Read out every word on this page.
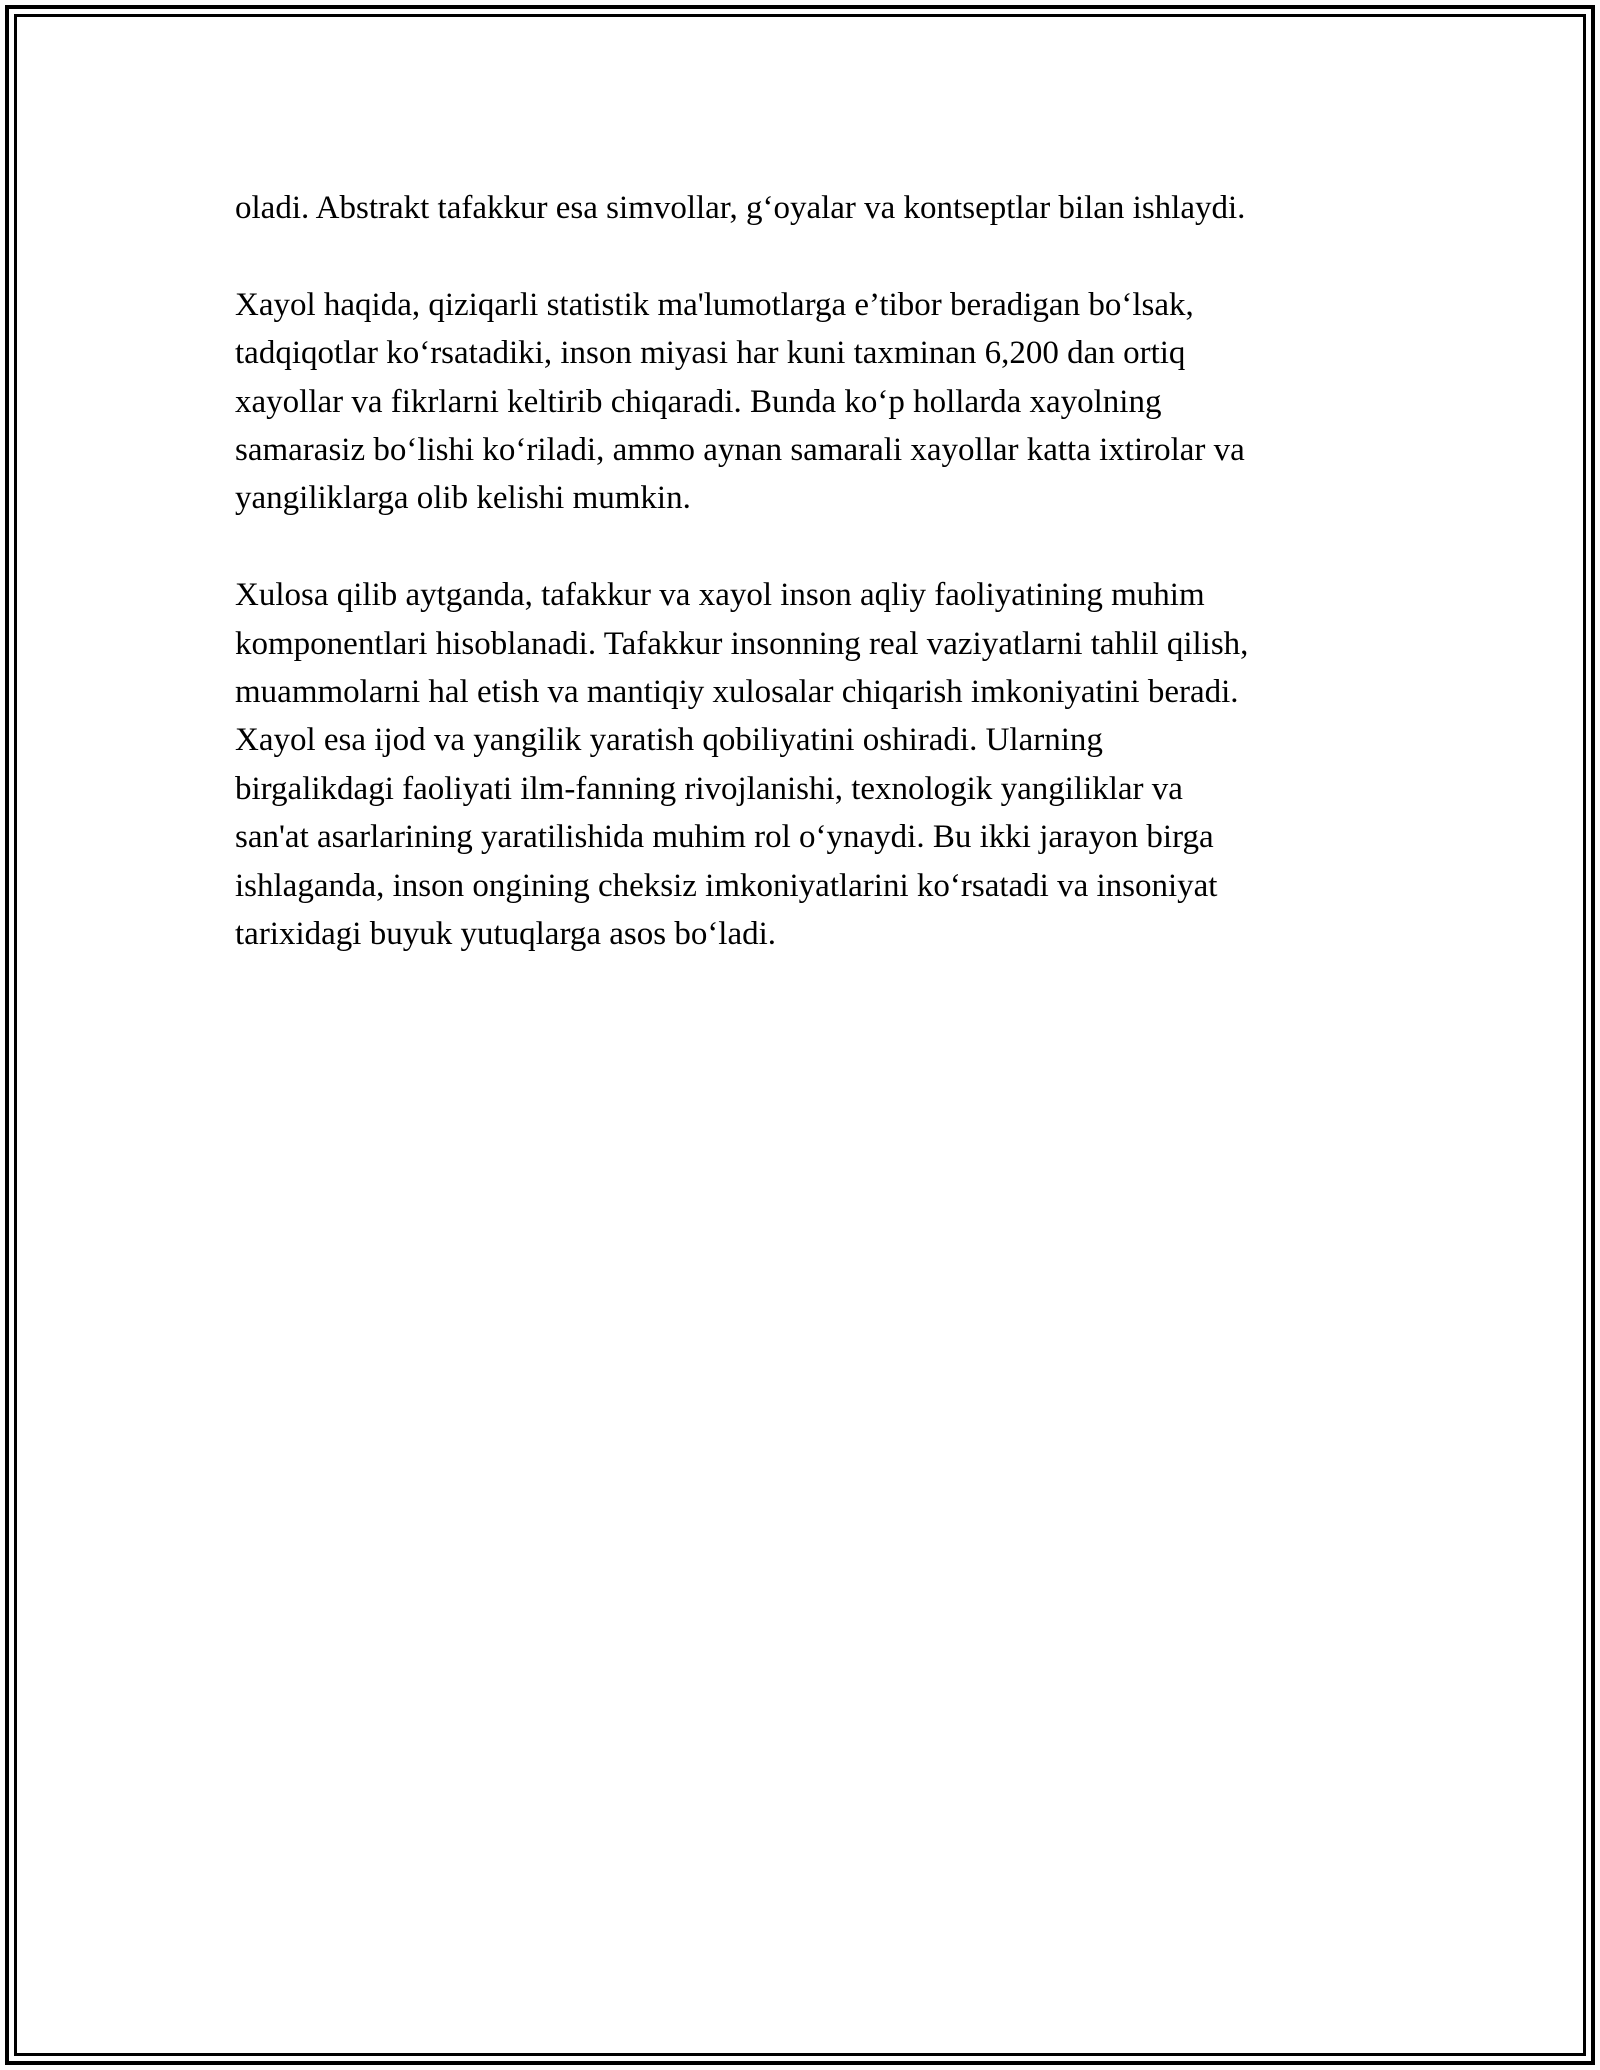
oladi. Abstrakt tafakkur esa simvollar, g‘oyalar va kontseptlar bilan ishlaydi.

Xayol haqida, qiziqarli statistik ma'lumotlarga e’tibor beradigan bo‘lsak,
tadqiqotlar ko‘rsatadiki, inson miyasi har kuni taxminan 6,200 dan ortiq
xayollar va fikrlarni keltirib chiqaradi. Bunda ko‘p hollarda xayolning
samarasiz bo‘lishi ko‘riladi, ammo aynan samarali xayollar katta ixtirolar va
yangiliklarga olib kelishi mumkin.

Xulosa qilib aytganda, tafakkur va xayol inson aqliy faoliyatining muhim
komponentlari hisoblanadi. Tafakkur insonning real vaziyatlarni tahlil qilish,
muammolarni hal etish va mantiqiy xulosalar chiqarish imkoniyatini beradi.
Xayol esa ijod va yangilik yaratish qobiliyatini oshiradi. Ularning
birgalikdagi faoliyati ilm-fanning rivojlanishi, texnologik yangiliklar va
san'at asarlarining yaratilishida muhim rol o‘ynaydi. Bu ikki jarayon birga
ishlaganda, inson ongining cheksiz imkoniyatlarini ko‘rsatadi va insoniyat
tarixidagi buyuk yutuqlarga asos bo‘ladi.
